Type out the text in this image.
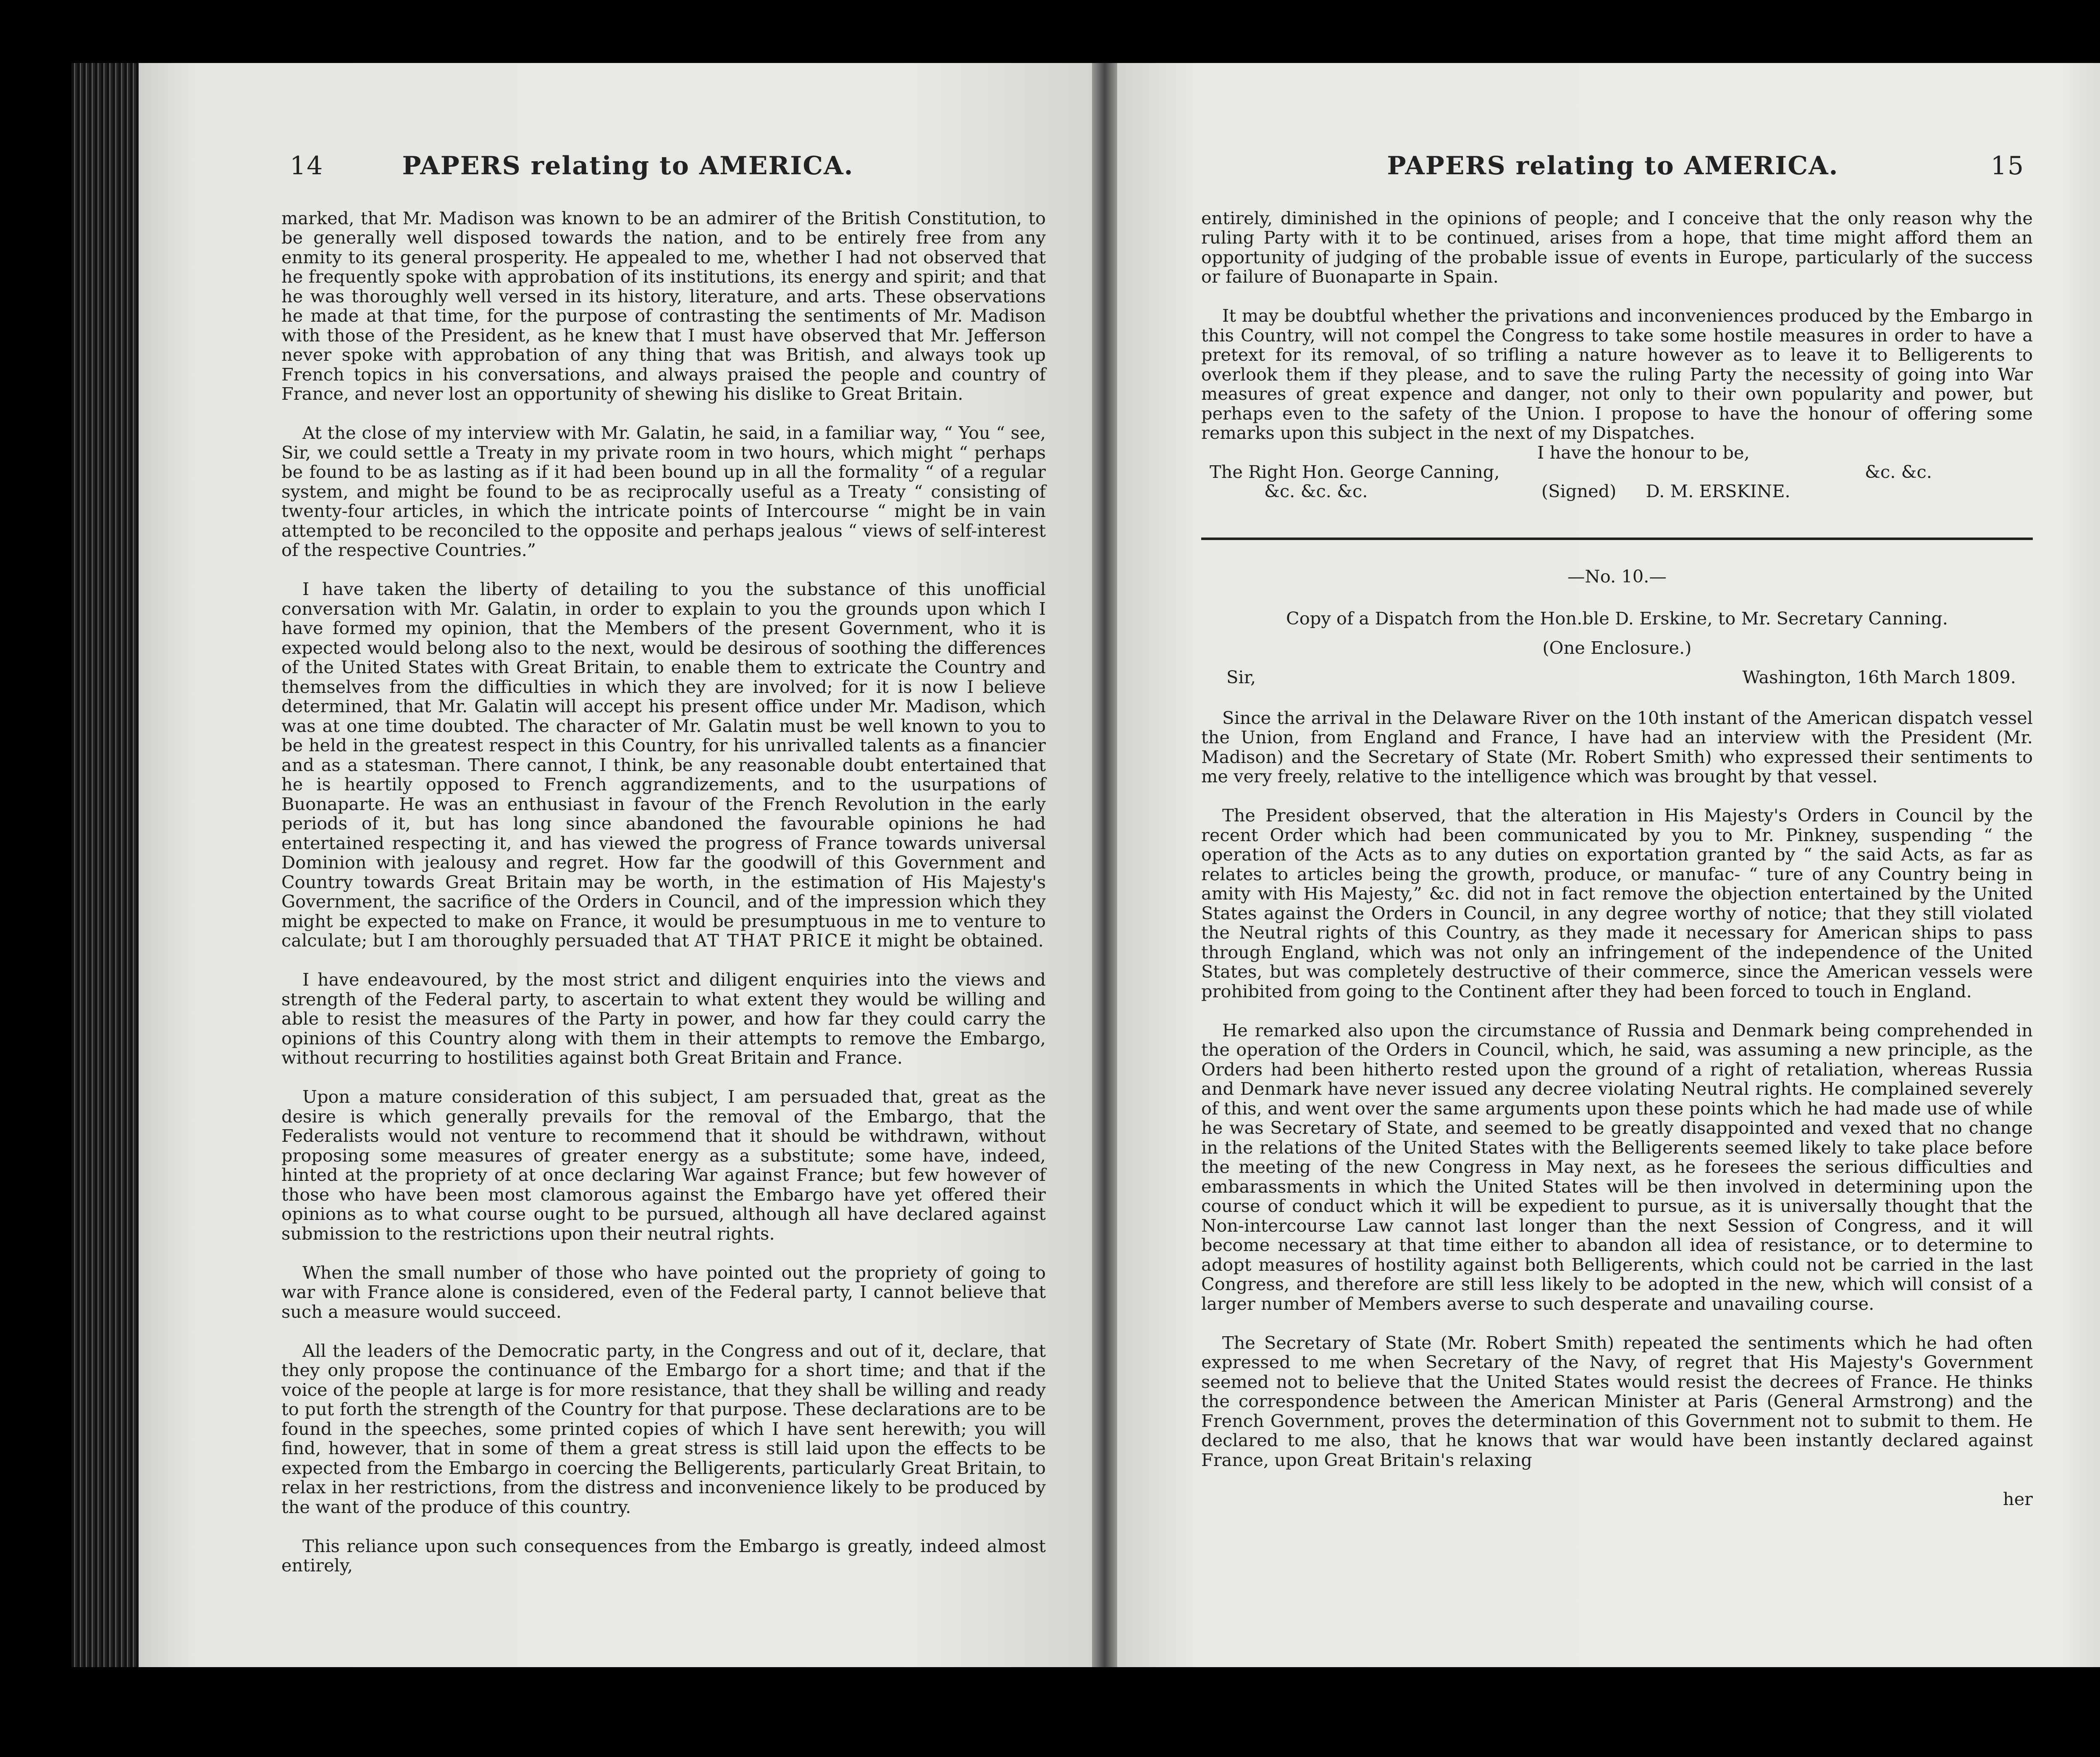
14	PAPERS relating to AMERICA.

marked, that Mr. Madison was known to be an admirer of the British Constitution, to be generally well disposed towards the nation, and to be entirely free from any enmity to its general prosperity. He appealed to me, whether I had not observed that he frequently spoke with approbation of its institutions, its energy and spirit; and that he was thoroughly well versed in its history, literature, and arts. These observations he made at that time, for the purpose of contrasting the sentiments of Mr. Madison with those of the President, as he knew that I must have observed that Mr. Jefferson never spoke with approbation of any thing that was British, and always took up French topics in his conversations, and always praised the people and country of France, and never lost an opportunity of shewing his dislike to Great Britain.

At the close of my interview with Mr. Galatin, he said, in a familiar way, “ You “ see, Sir, we could settle a Treaty in my private room in two hours, which might “ perhaps be found to be as lasting as if it had been bound up in all the formality “ of a regular system, and might be found to be as reciprocally useful as a Treaty “ consisting of twenty-four articles, in which the intricate points of Intercourse “ might be in vain attempted to be reconciled to the opposite and perhaps jealous “ views of self-interest of the respective Countries.”

I have taken the liberty of detailing to you the substance of this unofficial conversation with Mr. Galatin, in order to explain to you the grounds upon which I have formed my opinion, that the Members of the present Government, who it is expected would belong also to the next, would be desirous of soothing the differences of the United States with Great Britain, to enable them to extricate the Country and themselves from the difficulties in which they are involved; for it is now I believe determined, that Mr. Galatin will accept his present office under Mr. Madison, which was at one time doubted. The character of Mr. Galatin must be well known to you to be held in the greatest respect in this Country, for his unrivalled talents as a financier and as a statesman. There cannot, I think, be any reasonable doubt entertained that he is heartily opposed to French aggrandizements, and to the usurpations of Buonaparte. He was an enthusiast in favour of the French Revolution in the early periods of it, but has long since abandoned the favourable opinions he had entertained respecting it, and has viewed the progress of France towards universal Dominion with jealousy and regret. How far the goodwill of this Government and Country towards Great Britain may be worth, in the estimation of His Majesty's Government, the sacrifice of the Orders in Council, and of the impression which they might be expected to make on France, it would be presumptuous in me to venture to calculate; but I am thoroughly persuaded that AT THAT PRICE it might be obtained.

I have endeavoured, by the most strict and diligent enquiries into the views and strength of the Federal party, to ascertain to what extent they would be willing and able to resist the measures of the Party in power, and how far they could carry the opinions of this Country along with them in their attempts to remove the Embargo, without recurring to hostilities against both Great Britain and France.

Upon a mature consideration of this subject, I am persuaded that, great as the desire is which generally prevails for the removal of the Embargo, that the Federalists would not venture to recommend that it should be withdrawn, without proposing some measures of greater energy as a substitute; some have, indeed, hinted at the propriety of at once declaring War against France; but few however of those who have been most clamorous against the Embargo have yet offered their opinions as to what course ought to be pursued, although all have declared against submission to the restrictions upon their neutral rights.

When the small number of those who have pointed out the propriety of going to war with France alone is considered, even of the Federal party, I cannot believe that such a measure would succeed.

All the leaders of the Democratic party, in the Congress and out of it, declare, that they only propose the continuance of the Embargo for a short time; and that if the voice of the people at large is for more resistance, that they shall be willing and ready to put forth the strength of the Country for that purpose. These declarations are to be found in the speeches, some printed copies of which I have sent herewith; you will find, however, that in some of them a great stress is still laid upon the effects to be expected from the Embargo in coercing the Belligerents, particularly Great Britain, to relax in her restrictions, from the distress and inconvenience likely to be produced by the want of the produce of this country.

This reliance upon such consequences from the Embargo is greatly, indeed almost entirely,

PAPERS relating to AMERICA.	15

entirely, diminished in the opinions of people; and I conceive that the only reason why the ruling Party with it to be continued, arises from a hope, that time might afford them an opportunity of judging of the probable issue of events in Europe, particularly of the success or failure of Buonaparte in Spain.

It may be doubtful whether the privations and inconveniences produced by the Embargo in this Country, will not compel the Congress to take some hostile measures in order to have a pretext for its removal, of so trifling a nature however as to leave it to Belligerents to overlook them if they please, and to save the ruling Party the necessity of going into War measures of great expence and danger, not only to their own popularity and power, but perhaps even to the safety of the Union. I propose to have the honour of offering some remarks upon this subject in the next of my Dispatches.

I have the honour to be,
The Right Hon. George Canning,	&c. &c.
&c. &c. &c.	(Signed)	D. M. ERSKINE.
—No. 10.—
Copy of a Dispatch from the Hon.ble D. Erskine, to Mr. Secretary Canning.
(One Enclosure.)
Sir,	Washington, 16th March 1809.

Since the arrival in the Delaware River on the 10th instant of the American dispatch vessel the Union, from England and France, I have had an interview with the President (Mr. Madison) and the Secretary of State (Mr. Robert Smith) who expressed their sentiments to me very freely, relative to the intelligence which was brought by that vessel.

The President observed, that the alteration in His Majesty's Orders in Council by the recent Order which had been communicated by you to Mr. Pinkney, suspending “ the operation of the Acts as to any duties on exportation granted by “ the said Acts, as far as relates to articles being the growth, produce, or manufac- “ ture of any Country being in amity with His Majesty,” &c. did not in fact remove the objection entertained by the United States against the Orders in Council, in any degree worthy of notice; that they still violated the Neutral rights of this Country, as they made it necessary for American ships to pass through England, which was not only an infringement of the independence of the United States, but was completely destructive of their commerce, since the American vessels were prohibited from going to the Continent after they had been forced to touch in England.

He remarked also upon the circumstance of Russia and Denmark being comprehended in the operation of the Orders in Council, which, he said, was assuming a new principle, as the Orders had been hitherto rested upon the ground of a right of retaliation, whereas Russia and Denmark have never issued any decree violating Neutral rights. He complained severely of this, and went over the same arguments upon these points which he had made use of while he was Secretary of State, and seemed to be greatly disappointed and vexed that no change in the relations of the United States with the Belligerents seemed likely to take place before the meeting of the new Congress in May next, as he foresees the serious difficulties and embarassments in which the United States will be then involved in determining upon the course of conduct which it will be expedient to pursue, as it is universally thought that the Non-intercourse Law cannot last longer than the next Session of Congress, and it will become necessary at that time either to abandon all idea of resistance, or to determine to adopt measures of hostility against both Belligerents, which could not be carried in the last Congress, and therefore are still less likely to be adopted in the new, which will consist of a larger number of Members averse to such desperate and unavailing course.

The Secretary of State (Mr. Robert Smith) repeated the sentiments which he had often expressed to me when Secretary of the Navy, of regret that His Majesty's Government seemed not to believe that the United States would resist the decrees of France. He thinks the correspondence between the American Minister at Paris (General Armstrong) and the French Government, proves the determination of this Government not to submit to them. He declared to me also, that he knows that war would have been instantly declared against France, upon Great Britain's relaxing

her
